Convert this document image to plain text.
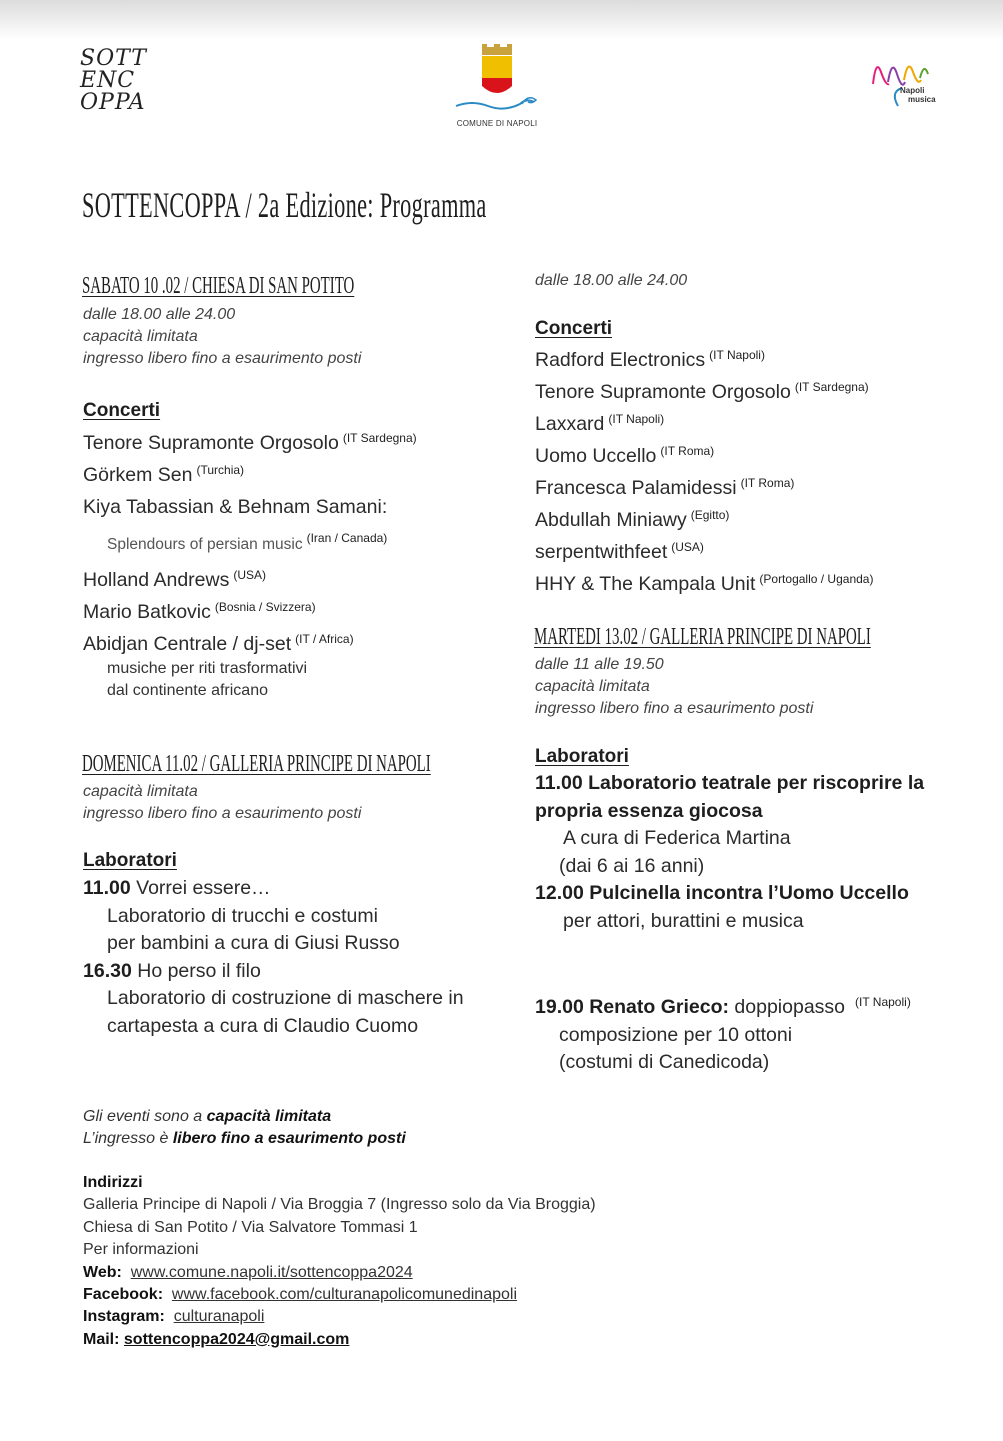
SOTT
ENC
OPPA
COMUNE DI NAPOLI
Napoli
musica
SOTTENCOPPA / 2a Edizione: Programma
SABATO 10 .02 / CHIESA DI SAN POTITO
dalle 18.00 alle 24.00
capacità limitata
ingresso libero fino a esaurimento posti
Concerti
Tenore Supramonte Orgosolo $^{(IT Sardegna)}$
Görkem Sen $^{(Turchia)}$
Kiya Tabassian & Behnam Samani:
Splendours of persian music $^{(Iran / Canada)}$
Holland Andrews $^{(USA)}$
Mario Batkovic $^{(Bosnia / Svizzera)}$
Abidjan Centrale / dj-set $^{(IT / Africa)}$
musiche per riti trasformativi
dal continente africano
DOMENICA 11.02 / GALLERIA PRINCIPE DI NAPOLI
capacità limitata
ingresso libero fino a esaurimento posti
Laboratori
11.00 Vorrei essere…
Laboratorio di trucchi e costumi
per bambini a cura di Giusi Russo
16.30 Ho perso il filo
Laboratorio di costruzione di maschere in
cartapesta a cura di Claudio Cuomo
dalle 18.00 alle 24.00
Concerti
Radford Electronics $^{(IT Napoli)}$
Tenore Supramonte Orgosolo $^{(IT Sardegna)}$
Laxxard $^{(IT Napoli)}$
Uomo Uccello $^{(IT Roma)}$
Francesca Palamidessi $^{(IT Roma)}$
Abdullah Miniawy $^{(Egitto)}$
serpentwithfeet $^{(USA)}$
HHY & The Kampala Unit $^{(Portogallo / Uganda)}$
MARTEDI 13.02 / GALLERIA PRINCIPE DI NAPOLI
dalle 11 alle 19.50
capacità limitata
ingresso libero fino a esaurimento posti
Laboratori
11.00 Laboratorio teatrale per riscoprire la
propria essenza giocosa
A cura di Federica Martina
(dai 6 ai 16 anni)
12.00 Pulcinella incontra l’Uomo Uccello
per attori, burattini e musica
19.00 Renato Grieco: doppiopasso $^{(IT Napoli)}$
composizione per 10 ottoni
(costumi di Canedicoda)
Gli eventi sono a capacità limitata
L’ingresso è libero fino a esaurimento posti
Indirizzi
Galleria Principe di Napoli / Via Broggia 7 (Ingresso solo da Via Broggia)
Chiesa di San Potito / Via Salvatore Tommasi 1
Per informazioni
Web: www.comune.napoli.it/sottencoppa2024
Facebook: www.facebook.com/culturanapolicomunedinapoli
Instagram: culturanapoli
Mail: sottencoppa2024@gmail.com
